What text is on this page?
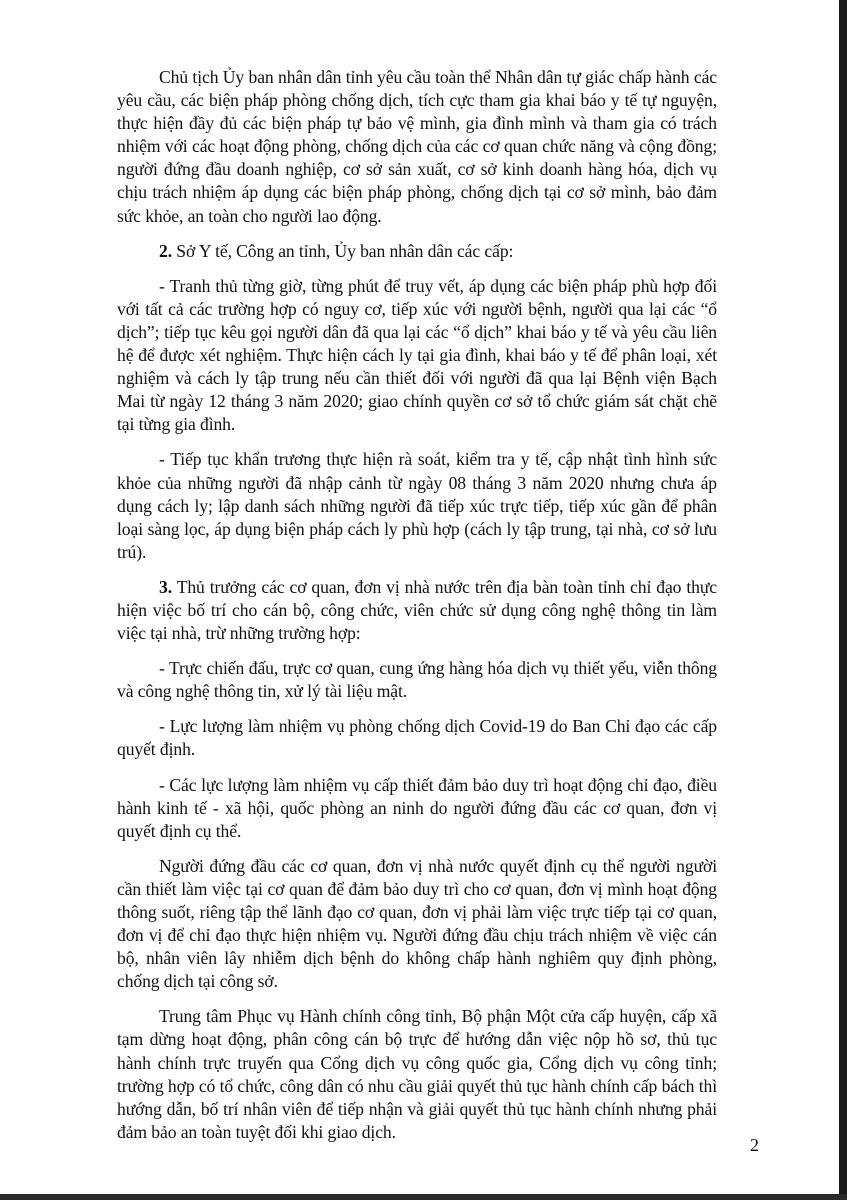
Chủ tịch Ủy ban nhân dân tỉnh yêu cầu toàn thể Nhân dân tự giác chấp hành các yêu cầu, các biện pháp phòng chống dịch, tích cực tham gia khai báo y tế tự nguyện, thực hiện đầy đủ các biện pháp tự bảo vệ mình, gia đình mình và tham gia có trách nhiệm với các hoạt động phòng, chống dịch của các cơ quan chức năng và cộng đồng; người đứng đầu doanh nghiệp, cơ sở sản xuất, cơ sở kinh doanh hàng hóa, dịch vụ chịu trách nhiệm áp dụng các biện pháp phòng, chống dịch tại cơ sở mình, bảo đảm sức khỏe, an toàn cho người lao động.

2. Sở Y tế, Công an tỉnh, Ủy ban nhân dân các cấp:

- Tranh thủ từng giờ, từng phút để truy vết, áp dụng các biện pháp phù hợp đối với tất cả các trường hợp có nguy cơ, tiếp xúc với người bệnh, người qua lại các “ổ dịch”; tiếp tục kêu gọi người dân đã qua lại các “ổ dịch” khai báo y tế và yêu cầu liên hệ để được xét nghiệm. Thực hiện cách ly tại gia đình, khai báo y tế để phân loại, xét nghiệm và cách ly tập trung nếu cần thiết đối với người đã qua lại Bệnh viện Bạch Mai từ ngày 12 tháng 3 năm 2020; giao chính quyền cơ sở tổ chức giám sát chặt chẽ tại từng gia đình.

- Tiếp tục khẩn trương thực hiện rà soát, kiểm tra y tế, cập nhật tình hình sức khỏe của những người đã nhập cảnh từ ngày 08 tháng 3 năm 2020 nhưng chưa áp dụng cách ly; lập danh sách những người đã tiếp xúc trực tiếp, tiếp xúc gần để phân loại sàng lọc, áp dụng biện pháp cách ly phù hợp (cách ly tập trung, tại nhà, cơ sở lưu trú).

3. Thủ trưởng các cơ quan, đơn vị nhà nước trên địa bàn toàn tỉnh chỉ đạo thực hiện việc bố trí cho cán bộ, công chức, viên chức sử dụng công nghệ thông tin làm việc tại nhà, trừ những trường hợp:

- Trực chiến đấu, trực cơ quan, cung ứng hàng hóa dịch vụ thiết yếu, viễn thông và công nghệ thông tin, xử lý tài liệu mật.

- Lực lượng làm nhiệm vụ phòng chống dịch Covid-19 do Ban Chỉ đạo các cấp quyết định.

- Các lực lượng làm nhiệm vụ cấp thiết đảm bảo duy trì hoạt động chỉ đạo, điều hành kinh tế - xã hội, quốc phòng an ninh do người đứng đầu các cơ quan, đơn vị quyết định cụ thể.

Người đứng đầu các cơ quan, đơn vị nhà nước quyết định cụ thể người người cần thiết làm việc tại cơ quan để đảm bảo duy trì cho cơ quan, đơn vị mình hoạt động thông suốt, riêng tập thể lãnh đạo cơ quan, đơn vị phải làm việc trực tiếp tại cơ quan, đơn vị để chỉ đạo thực hiện nhiệm vụ. Người đứng đầu chịu trách nhiệm về việc cán bộ, nhân viên lây nhiễm dịch bệnh do không chấp hành nghiêm quy định phòng, chống dịch tại công sở.

Trung tâm Phục vụ Hành chính công tỉnh, Bộ phận Một cửa cấp huyện, cấp xã tạm dừng hoạt động, phân công cán bộ trực để hướng dẫn việc nộp hồ sơ, thủ tục hành chính trực truyến qua Cổng dịch vụ công quốc gia, Cổng dịch vụ công tỉnh; trường hợp có tổ chức, công dân có nhu cầu giải quyết thủ tục hành chính cấp bách thì hướng dẫn, bố trí nhân viên để tiếp nhận và giải quyết thủ tục hành chính nhưng phải đảm bảo an toàn tuyệt đối khi giao dịch.

2
